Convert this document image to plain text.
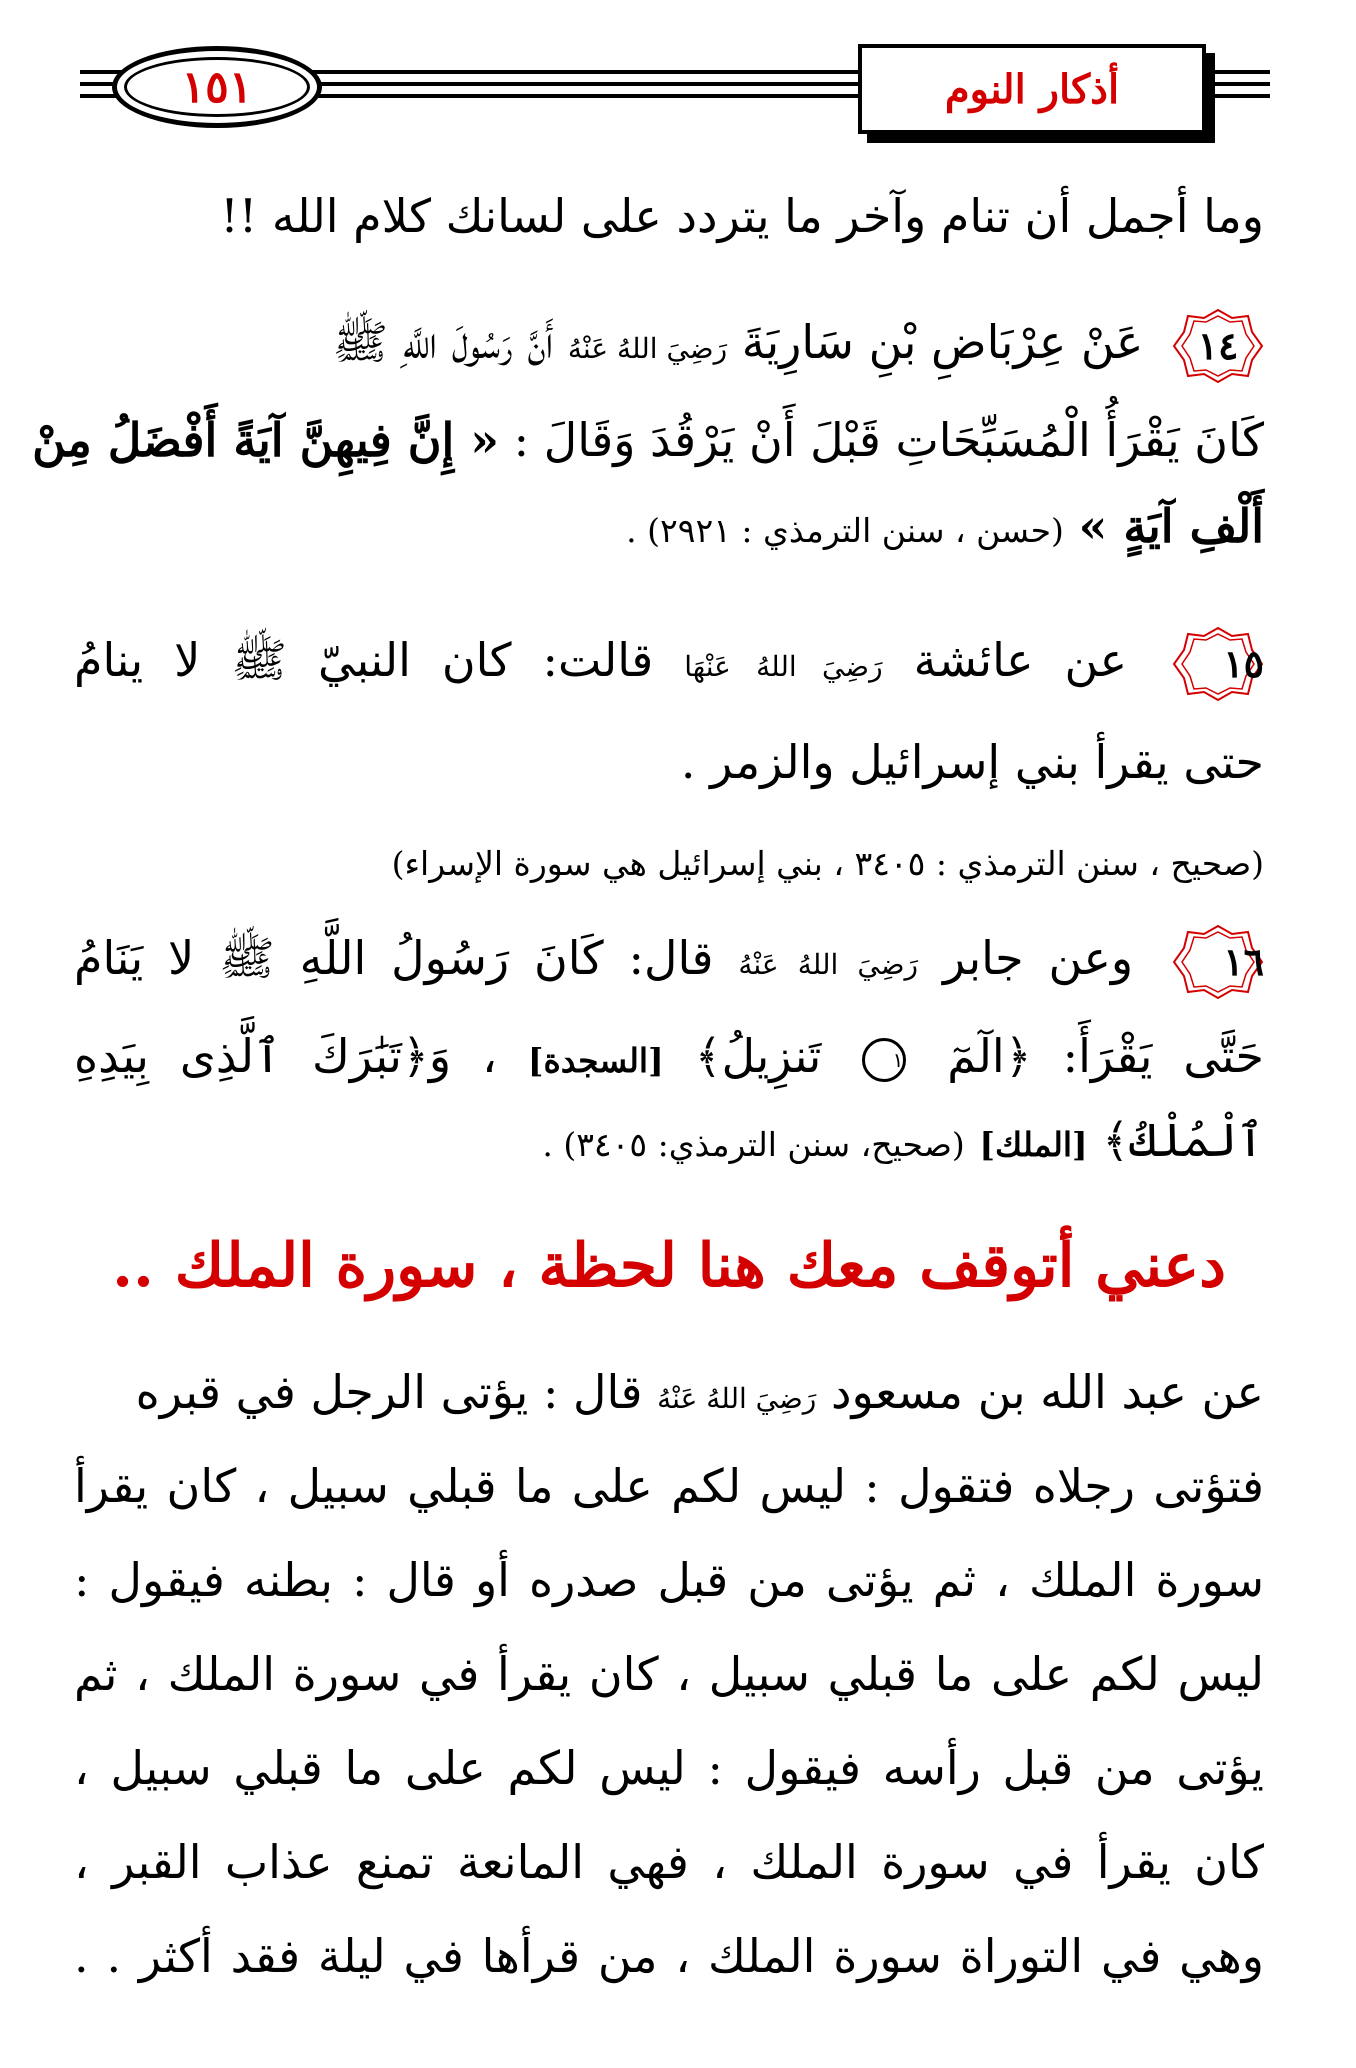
١٥١	أذكار النوم
وما أجمل أن تنام وآخر ما يتردد على لسانك كلام الله !!
١٤
عَنْ عِرْبَاضِ بْنِ سَارِيَةَ رَضِيَ اللهُ عَنْهُ أَنَّ رَسُولَ اللَّهِ ﷺ
كَانَ يَقْرَأُ الْمُسَبِّحَاتِ قَبْلَ أَنْ يَرْقُدَ وَقَالَ : « إِنَّ فِيهِنَّ آيَةً أَفْضَلُ مِنْ
أَلْفِ آيَةٍ » (حسن ، سنن الترمذي : ٢٩٢١) .
١٥
عن عائشة رَضِيَ اللهُ عَنْهَا قالت: كان النبيّ ﷺ لا ينامُ
حتى يقرأ بني إسرائيل والزمر .
(صحيح ، سنن الترمذي : ٣٤٠٥ ، بني إسرائيل هي سورة الإسراء)
١٦
وعن جابر رَضِيَ اللهُ عَنْهُ قال: كَانَ رَسُولُ اللَّهِ ﷺ لا يَنَامُ
حَتَّى يَقْرَأَ: ﴿الٓمٓ ١ تَنزِيلُ﴾ [السجدة] ، وَ﴿تَبَٰرَكَ ٱلَّذِى بِيَدِهِ
ٱلْمُلْكُ﴾ [الملك] (صحيح، سنن الترمذي: ٣٤٠٥) .
دعني أتوقف معك هنا لحظة ، سورة الملك ..
عن عبد الله بن مسعود رَضِيَ اللهُ عَنْهُ قال : يؤتى الرجل في قبره
فتؤتى رجلاه فتقول : ليس لكم على ما قبلي سبيل ، كان يقرأ
سورة الملك ، ثم يؤتى من قبل صدره أو قال : بطنه فيقول :
ليس لكم على ما قبلي سبيل ، كان يقرأ في سورة الملك ، ثم
يؤتى من قبل رأسه فيقول : ليس لكم على ما قبلي سبيل ،
كان يقرأ في سورة الملك ، فهي المانعة تمنع عذاب القبر ،
وهي في التوراة سورة الملك ، من قرأها في ليلة فقد أكثر . .
